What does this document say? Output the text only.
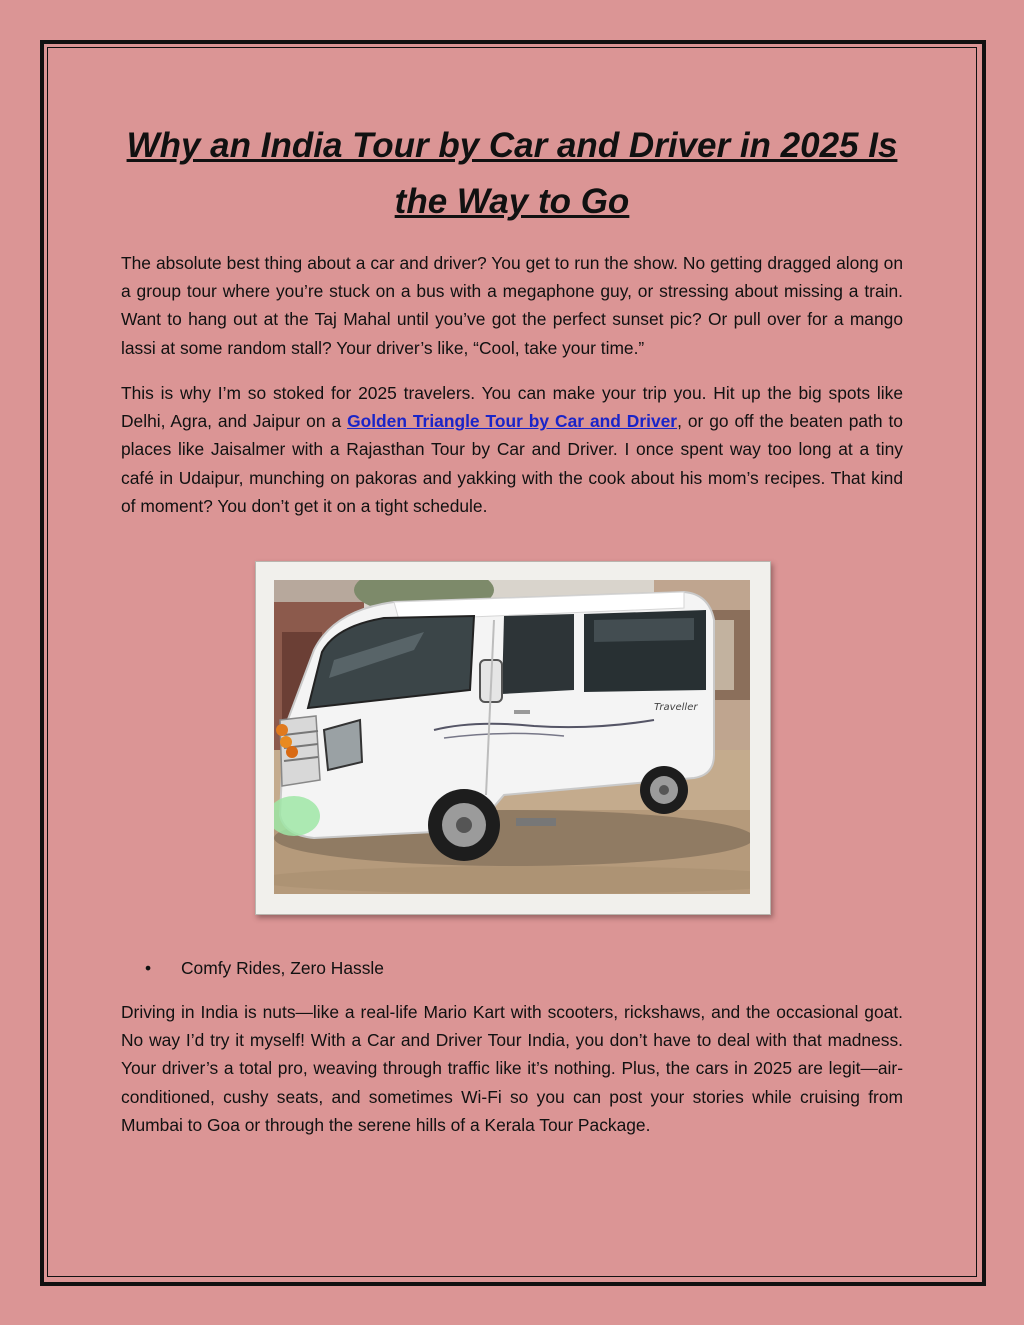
Why an India Tour by Car and Driver in 2025 Is the Way to Go

The absolute best thing about a car and driver? You get to run the show. No getting dragged along on a group tour where you’re stuck on a bus with a megaphone guy, or stressing about missing a train. Want to hang out at the Taj Mahal until you’ve got the perfect sunset pic? Or pull over for a mango lassi at some random stall? Your driver’s like, “Cool, take your time.”

This is why I’m so stoked for 2025 travelers. You can make your trip you. Hit up the big spots like Delhi, Agra, and Jaipur on a Golden Triangle Tour by Car and Driver, or go off the beaten path to places like Jaisalmer with a Rajasthan Tour by Car and Driver. I once spent way too long at a tiny café in Udaipur, munching on pakoras and yakking with the cook about his mom’s recipes. That kind of moment? You don’t get it on a tight schedule.

Traveller
• Comfy Rides, Zero Hassle

Driving in India is nuts—like a real-life Mario Kart with scooters, rickshaws, and the occasional goat. No way I’d try it myself! With a Car and Driver Tour India, you don’t have to deal with that madness. Your driver’s a total pro, weaving through traffic like it’s nothing. Plus, the cars in 2025 are legit—air-conditioned, cushy seats, and sometimes Wi-Fi so you can post your stories while cruising from Mumbai to Goa or through the serene hills of a Kerala Tour Package.
